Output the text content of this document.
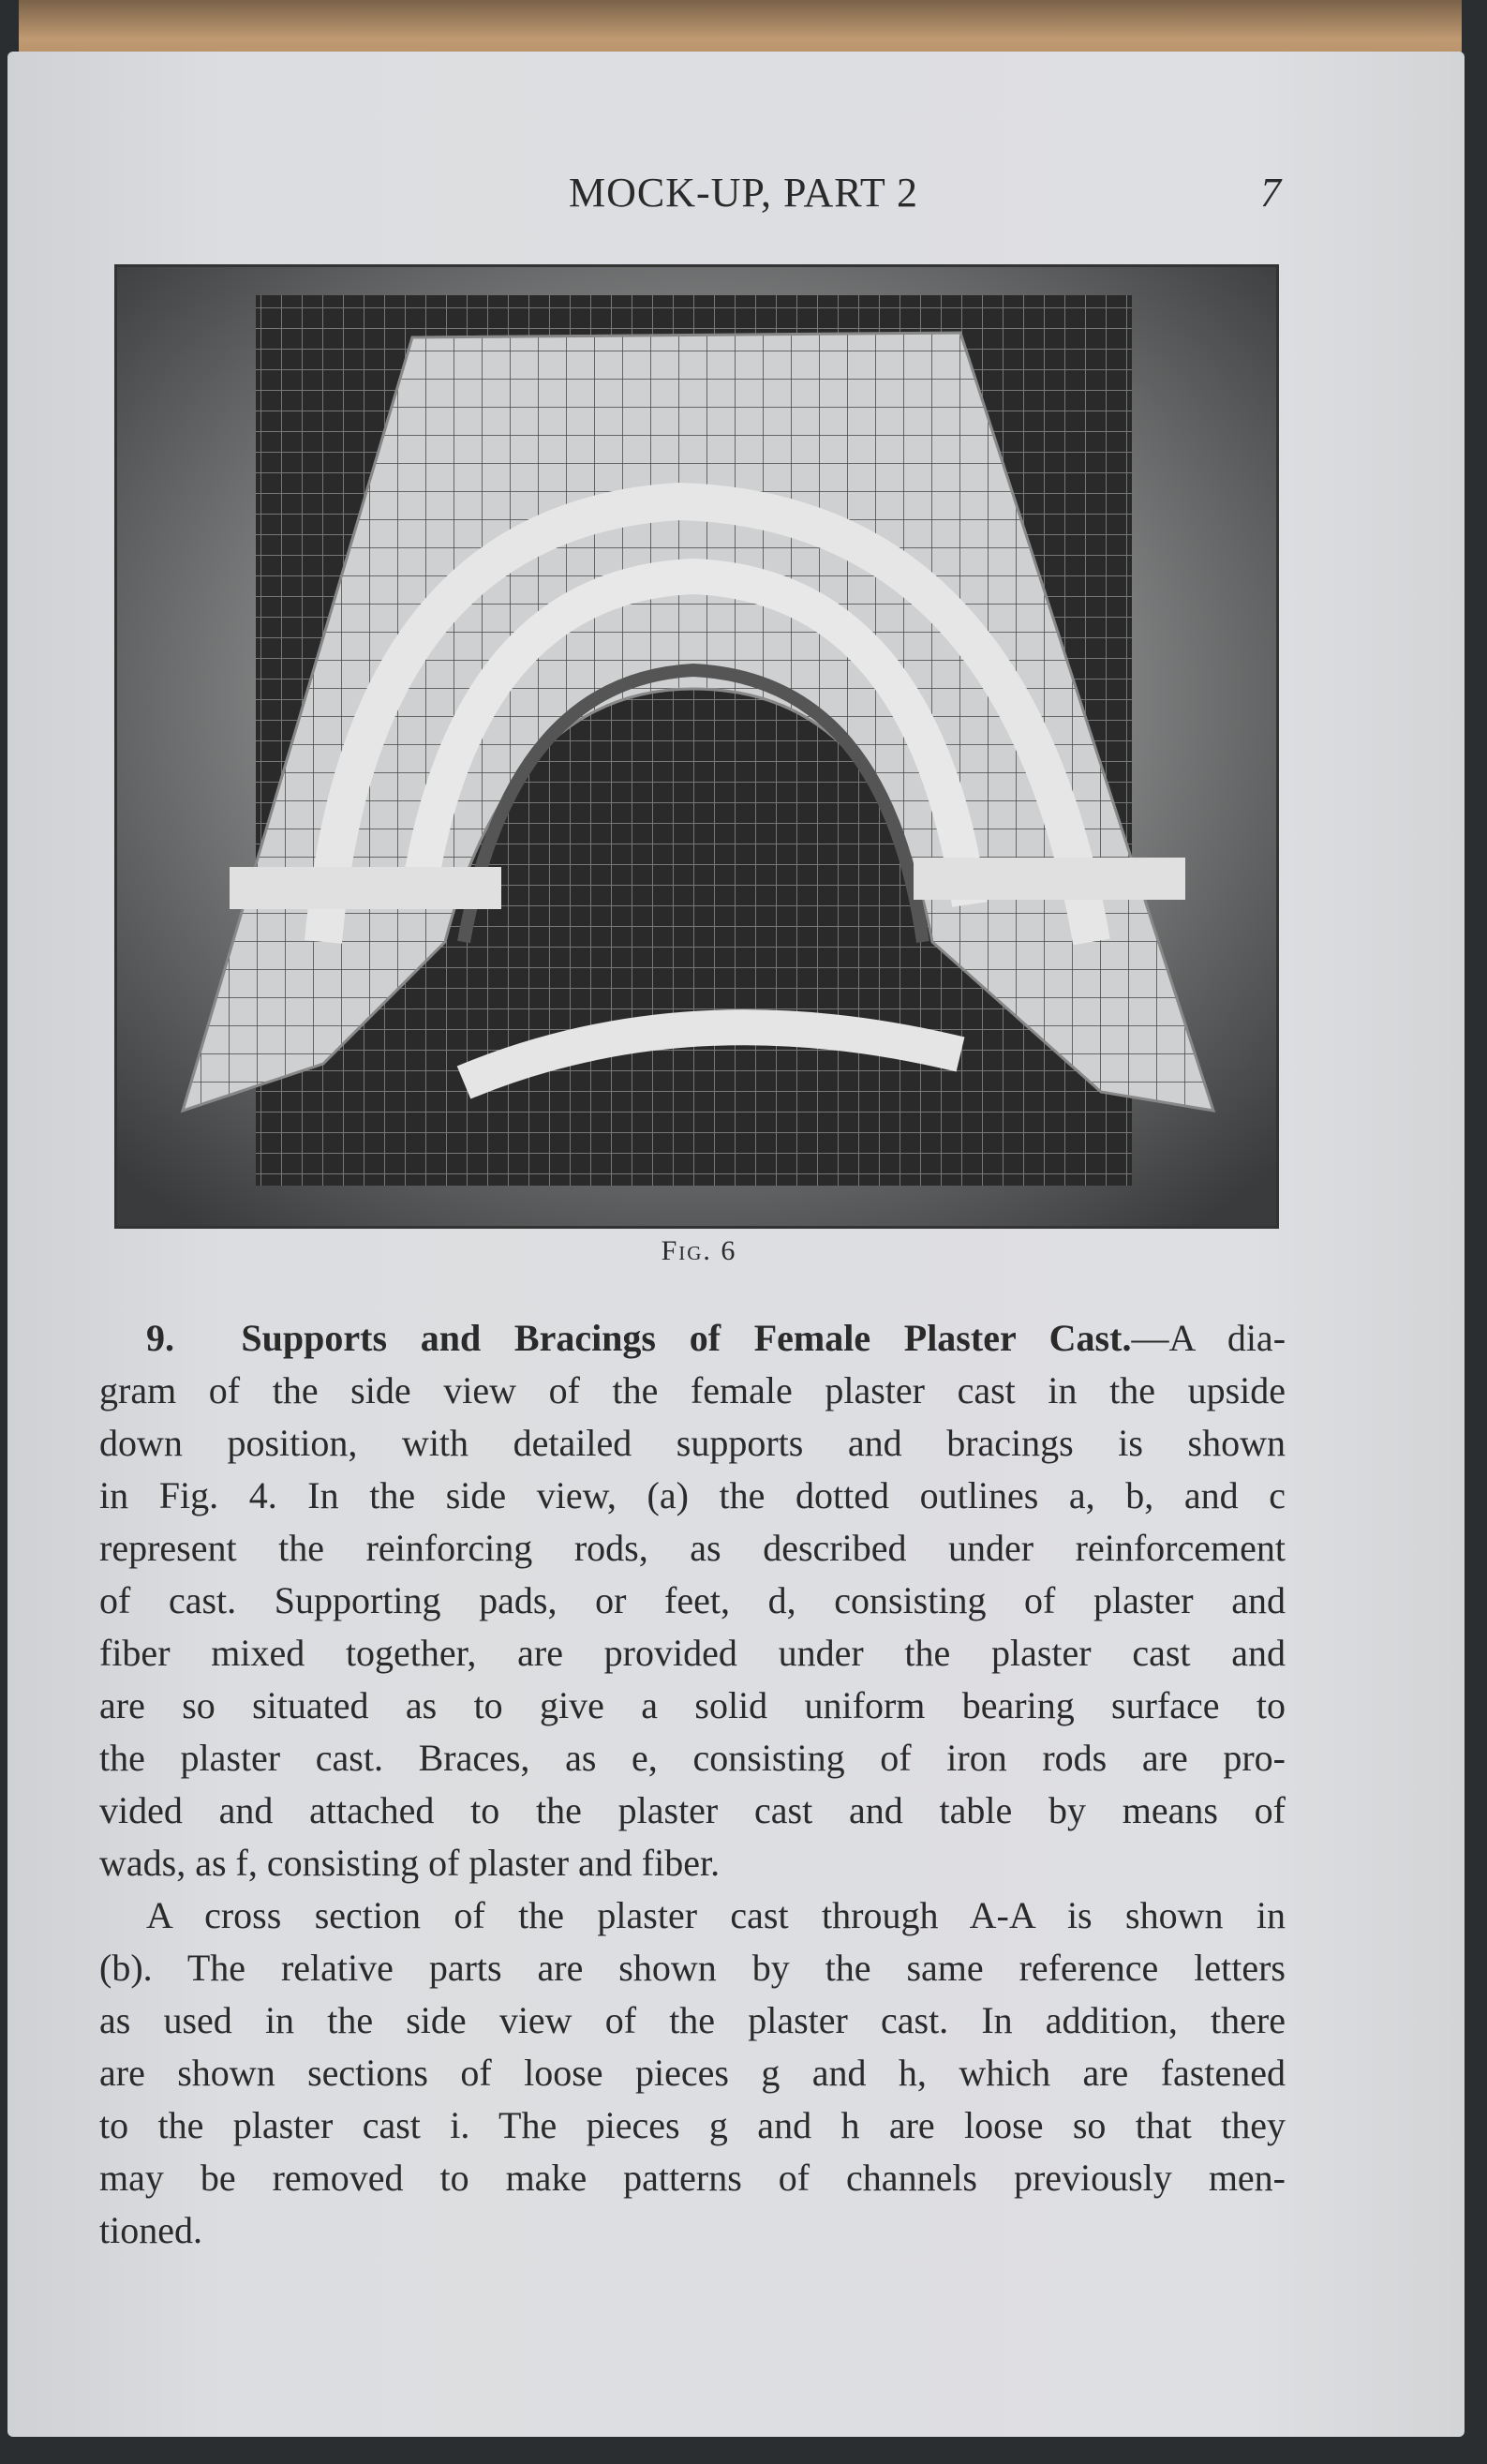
MOCK-UP, PART 2	7
Fig. 6
9. Supports and Bracings of Female Plaster Cast.—A dia-
gram of the side view of the female plaster cast in the upside
down position, with detailed supports and bracings is shown
in Fig. 4. In the side view, (a) the dotted outlines a, b, and c
represent the reinforcing rods, as described under reinforcement
of cast. Supporting pads, or feet, d, consisting of plaster and
fiber mixed together, are provided under the plaster cast and
are so situated as to give a solid uniform bearing surface to
the plaster cast. Braces, as e, consisting of iron rods are pro-
vided and attached to the plaster cast and table by means of
wads, as f, consisting of plaster and fiber.
A cross section of the plaster cast through A-A is shown in
(b). The relative parts are shown by the same reference letters
as used in the side view of the plaster cast. In addition, there
are shown sections of loose pieces g and h, which are fastened
to the plaster cast i. The pieces g and h are loose so that they
may be removed to make patterns of channels previously men-
tioned.
